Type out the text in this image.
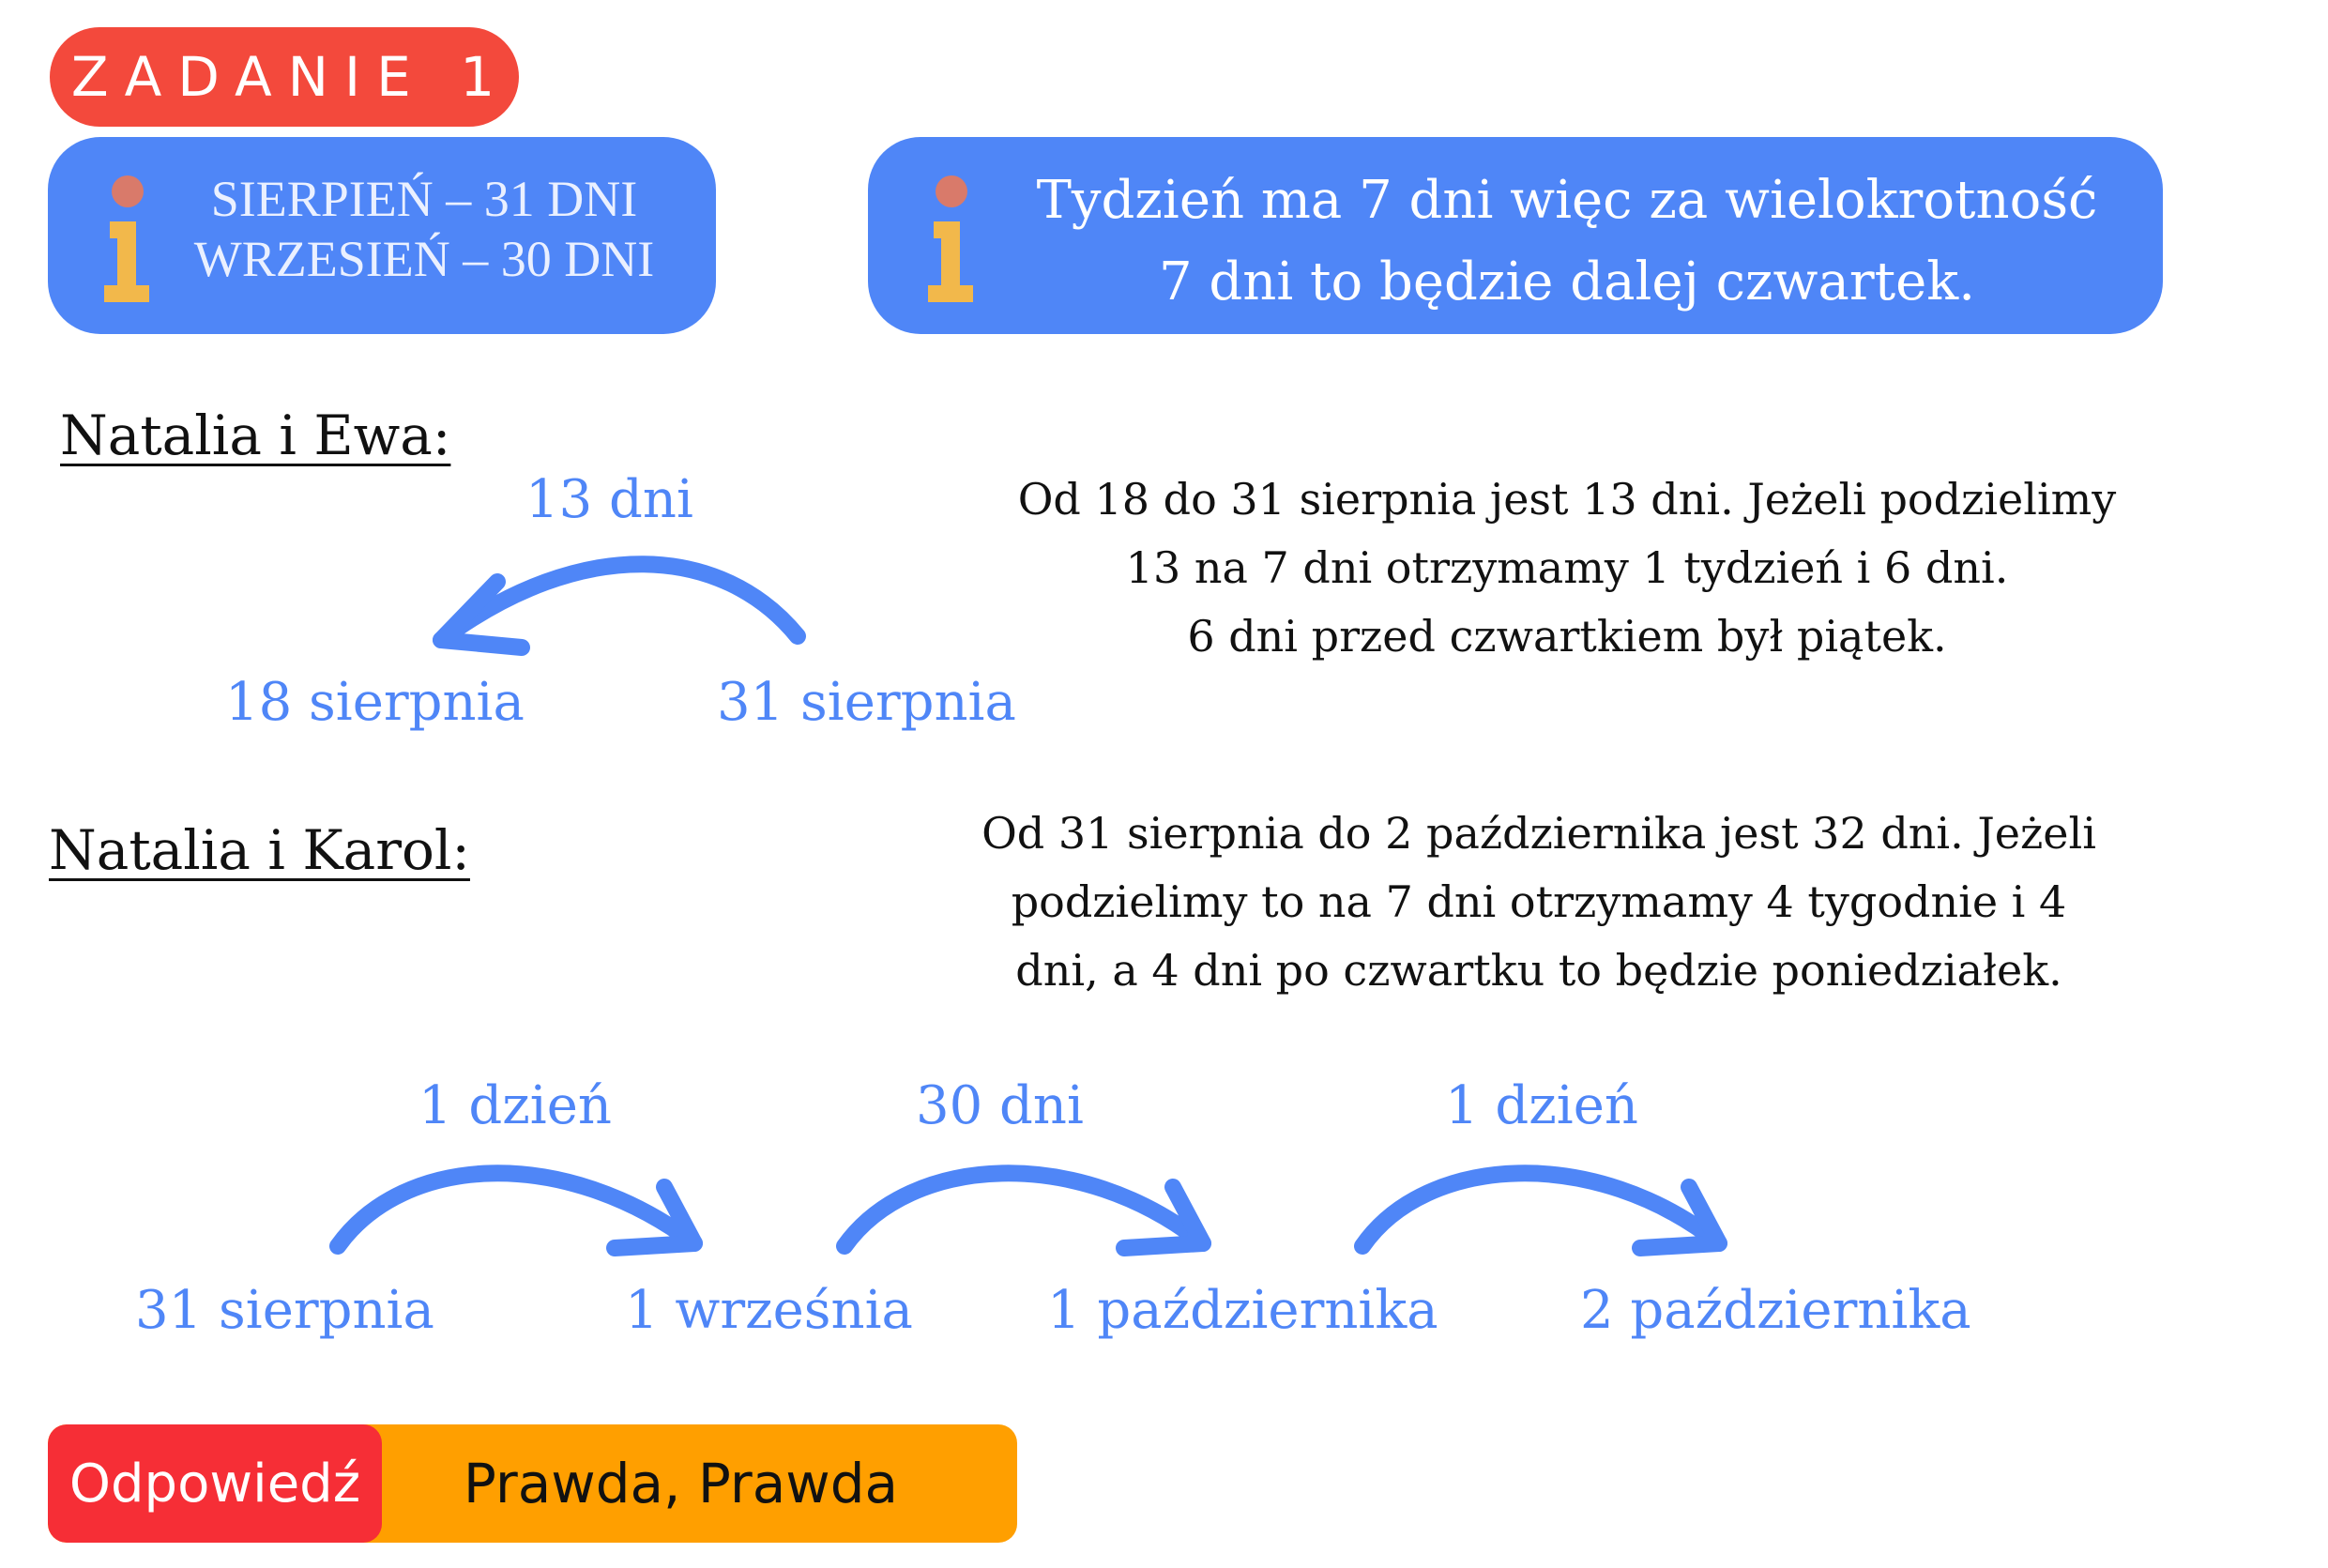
ZADANIE 1
SIERPIEŃ – 31 DNI
WRZESIEŃ – 30 DNI
Tydzień ma 7 dni więc za wielokrotność
7 dni to będzie dalej czwartek.
Natalia i Ewa:
13 dni
18 sierpnia	31 sierpnia
Od 18 do 31 sierpnia jest 13 dni. Jeżeli podzielimy
13 na 7 dni otrzymamy 1 tydzień i 6 dni.
6 dni przed czwartkiem był piątek.
Natalia i Karol:	Od 31 sierpnia do 2 października jest 32 dni. Jeżeli
podzielimy to na 7 dni otrzymamy 4 tygodnie i 4
dni, a 4 dni po czwartku to będzie poniedziałek.
1 dzień	30 dni	1 dzień
31 sierpnia	1 września	1 października	2 października
Odpowiedź	Prawda, Prawda
